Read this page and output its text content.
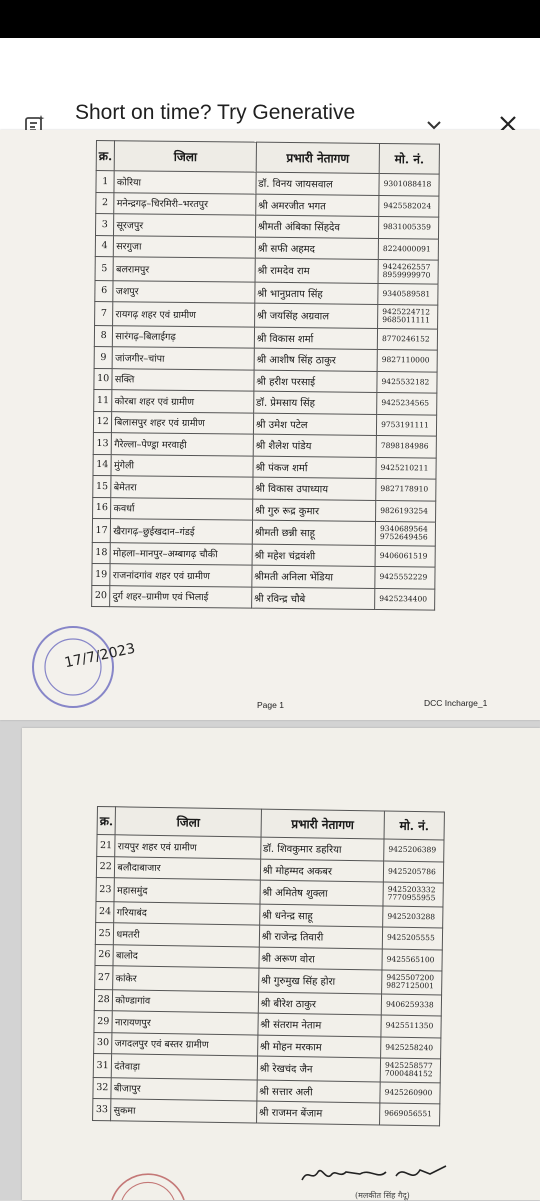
Short on time? Try Generative
क्र.	जिला	प्रभारी नेतागण	मो. नं.
1	कोरिया	डॉ. विनय जायसवाल	9301088418

2	मनेन्द्रगढ़–चिरमिरी–भरतपुर	श्री अमरजीत भगत	9425582024

3	सूरजपुर	श्रीमती अंबिका सिंहदेव	9831005359

4	सरगुजा	श्री सफी अहमद	8224000091

5	बलरामपुर	श्री रामदेव राम	9424262557
8959999970

6	जशपुर	श्री भानुप्रताप सिंह	9340589581

7	रायगढ़ शहर एवं ग्रामीण	श्री जयसिंह अग्रवाल	9425224712
9685011111

8	सारंगढ़–बिलाईगढ़	श्री विकास शर्मा	8770246152

9	जांजगीर–चांपा	श्री आशीष सिंह ठाकुर	9827110000

10	सक्ति	श्री हरीश परसाई	9425532182

11	कोरबा शहर एवं ग्रामीण	डॉ. प्रेमसाय सिंह	9425234565

12	बिलासपुर शहर एवं ग्रामीण	श्री उमेश पटेल	9753191111

13	गैरेल्ला–पेण्ड्रा मरवाही	श्री शैलेश पांडेय	7898184986

14	मुंगेली	श्री पंकज शर्मा	9425210211

15	बेमेतरा	श्री विकास उपाध्याय	9827178910

16	कवर्धा	श्री गुरु रूद्र कुमार	9826193254

17	खैरागढ़–छुईखदान–गंडई	श्रीमती छन्नी साहू	9340689564
9752649456

18	मोहला–मानपुर–अम्बागढ़ चौकी	श्री महेश चंद्रवंशी	9406061519

19	राजनांदगांव शहर एवं ग्रामीण	श्रीमती अनिला भेंडिया	9425552229

20	दुर्ग शहर–ग्रामीण एवं भिलाई	श्री रविन्द्र चौबे	9425234400
17/7/2023
Page 1	DCC Incharge_1
क्र.	जिला	प्रभारी नेतागण	मो. नं.
21	रायपुर शहर एवं ग्रामीण	डॉ. शिवकुमार डहरिया	9425206389

22	बलौदाबाजार	श्री मोहम्मद अकबर	9425205786

23	महासमुंद	श्री अमितेष शुक्ला	9425203332
7770955955

24	गरियाबंद	श्री धनेन्द्र साहू	9425203288

25	धमतरी	श्री राजेन्द्र तिवारी	9425205555

26	बालोद	श्री अरूण वोरा	9425565100

27	कांकेर	श्री गुरुमुख सिंह होरा	9425507200
9827125001

28	कोण्डागांव	श्री बीरेश ठाकुर	9406259338

29	नारायणपुर	श्री संतराम नेताम	9425511350

30	जगदलपुर एवं बस्तर ग्रामीण	श्री मोहन मरकाम	9425258240

31	दंतेवाड़ा	श्री रेखचंद जैन	9425258577
7000484152

32	बीजापुर	श्री सत्तार अली	9425260900

33	सुकमा	श्री राजमन बेंजाम	9669056551
(मलकीत सिंह गैदू)
